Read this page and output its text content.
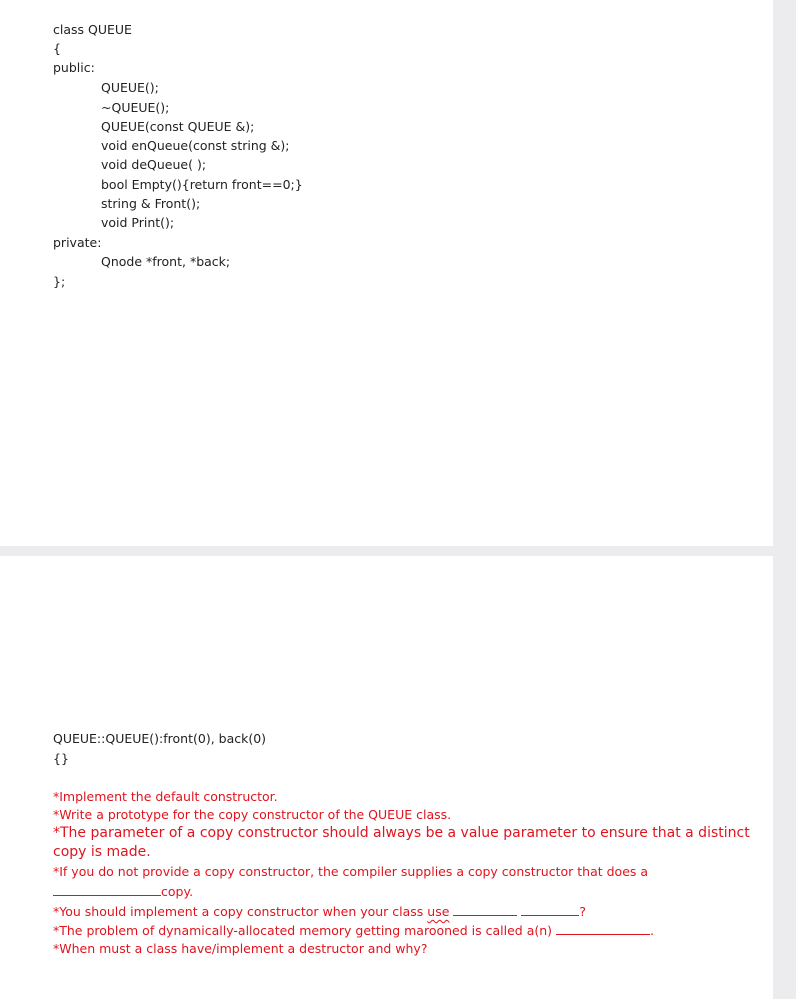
class QUEUE
{
public:
QUEUE();
~QUEUE();
QUEUE(const QUEUE &);
void enQueue(const string &);
void deQueue( );
bool Empty(){return front==0;}
string & Front();
void Print();
private:
Qnode *front, *back;
};
QUEUE::QUEUE():front(0), back(0)
{}
*Implement the default constructor.
*Write a prototype for the copy constructor of the QUEUE class.
*The parameter of a copy constructor should always be a value parameter to ensure that a distinct
copy is made.
*If you do not provide a copy constructor, the compiler supplies a copy constructor that does a
copy.
*You should implement a copy constructor when your class use	?
*The problem of dynamically-allocated memory getting marooned is called a(n)	.
*When must a class have/implement a destructor and why?
